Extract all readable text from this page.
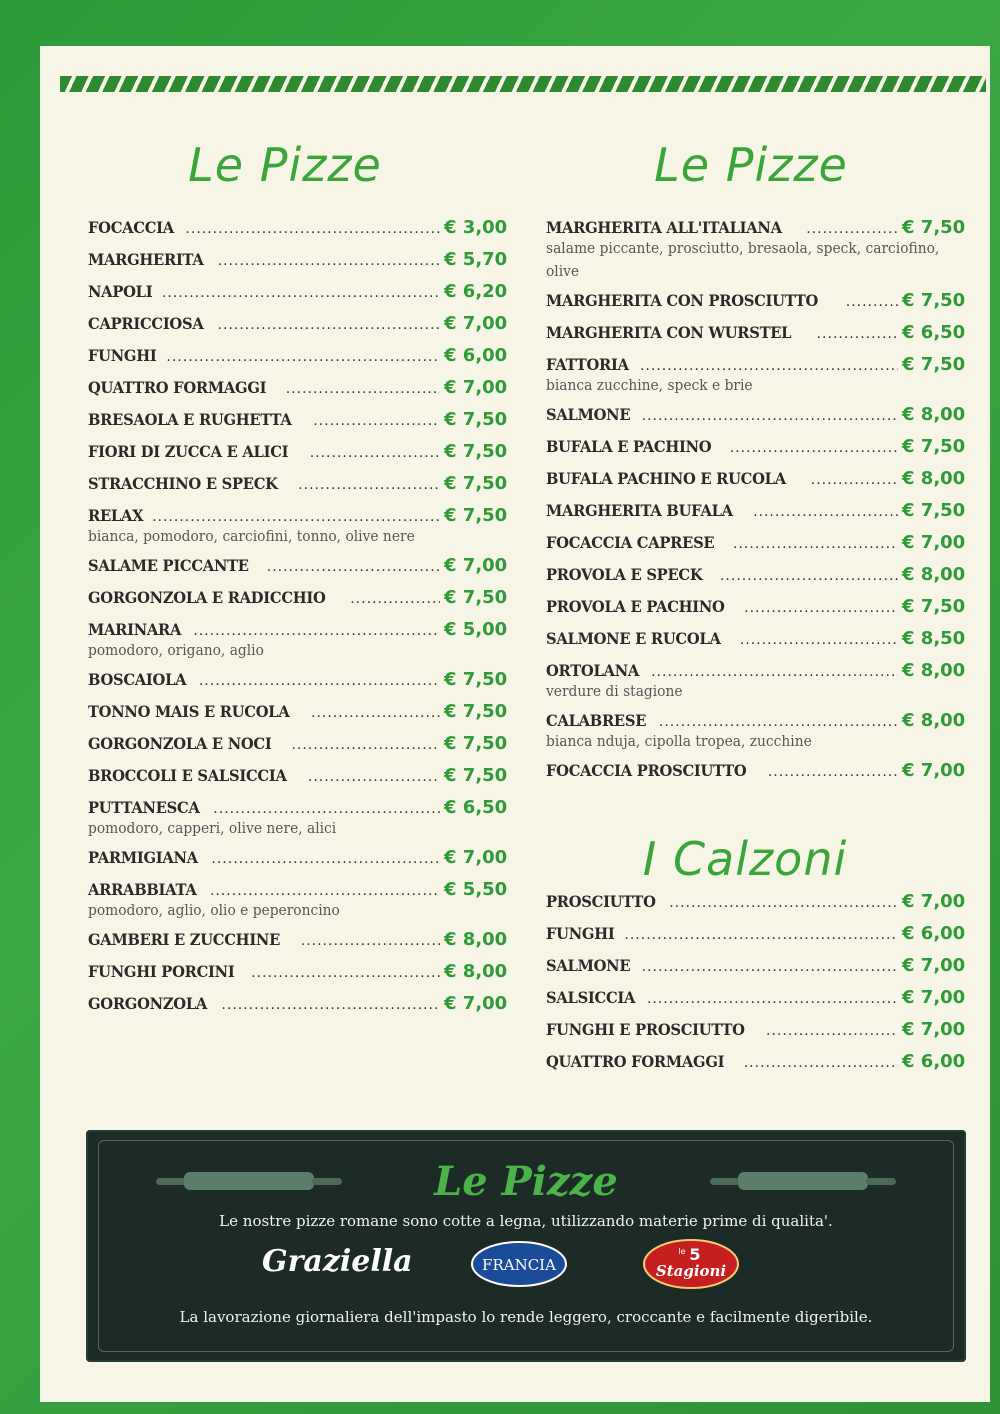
Le Pizze	Le Pizze
I Calzoni
FOCACCIA .....	€ 3,00
MARGHERITA .....	€ 5,70
NAPOLI .....	€ 6,20
CAPRICCIOSA .....	€ 7,00
FUNGHI .....	€ 6,00
QUATTRO FORMAGGI .....	€ 7,00
BRESAOLA E RUGHETTA .....	€ 7,50
FIORI DI ZUCCA E ALICI .....	€ 7,50
STRACCHINO E SPECK .....	€ 7,50
RELAX .....	€ 7,50
bianca, pomodoro, carciofini, tonno, olive nere
SALAME PICCANTE .....	€ 7,00
GORGONZOLA E RADICCHIO .....	€ 7,50
MARINARA .....	€ 5,00
pomodoro, origano, aglio
BOSCAIOLA .....	€ 7,50
TONNO MAIS E RUCOLA .....	€ 7,50
GORGONZOLA E NOCI .....	€ 7,50
BROCCOLI E SALSICCIA .....	€ 7,50
PUTTANESCA .....	€ 6,50
pomodoro, capperi, olive nere, alici
PARMIGIANA .....	€ 7,00
ARRABBIATA .....	€ 5,50
pomodoro, aglio, olio e peperoncino
GAMBERI E ZUCCHINE .....	€ 8,00
FUNGHI PORCINI .....	€ 8,00
GORGONZOLA .....	€ 7,00
MARGHERITA ALL'ITALIANA .....	€ 7,50
salame piccante, prosciutto, bresaola, speck, carciofino, olive
MARGHERITA CON PROSCIUTTO .....	€ 7,50
MARGHERITA CON WURSTEL .....	€ 6,50
FATTORIA .....	€ 7,50
bianca zucchine, speck e brie
SALMONE .....	€ 8,00
BUFALA E PACHINO .....	€ 7,50
BUFALA PACHINO E RUCOLA .....	€ 8,00
MARGHERITA BUFALA .....	€ 7,50
FOCACCIA CAPRESE .....	€ 7,00
PROVOLA E SPECK .....	€ 8,00
PROVOLA E PACHINO .....	€ 7,50
SALMONE E RUCOLA .....	€ 8,50
ORTOLANA .....	€ 8,00
verdure di stagione
CALABRESE .....	€ 8,00
bianca nduja, cipolla tropea, zucchine
FOCACCIA PROSCIUTTO .....	€ 7,00
PROSCIUTTO .....	€ 7,00
FUNGHI .....	€ 6,00
SALMONE .....	€ 7,00
SALSICCIA .....	€ 7,00
FUNGHI E PROSCIUTTO .....	€ 7,00
QUATTRO FORMAGGI .....	€ 6,00
Le Pizze
Le nostre pizze romane sono cotte a legna, utilizzando materie prime di qualita'.
Graziella	FRANCIA
le 5
Stagioni
La lavorazione giornaliera dell'impasto lo rende leggero, croccante e facilmente digeribile.
